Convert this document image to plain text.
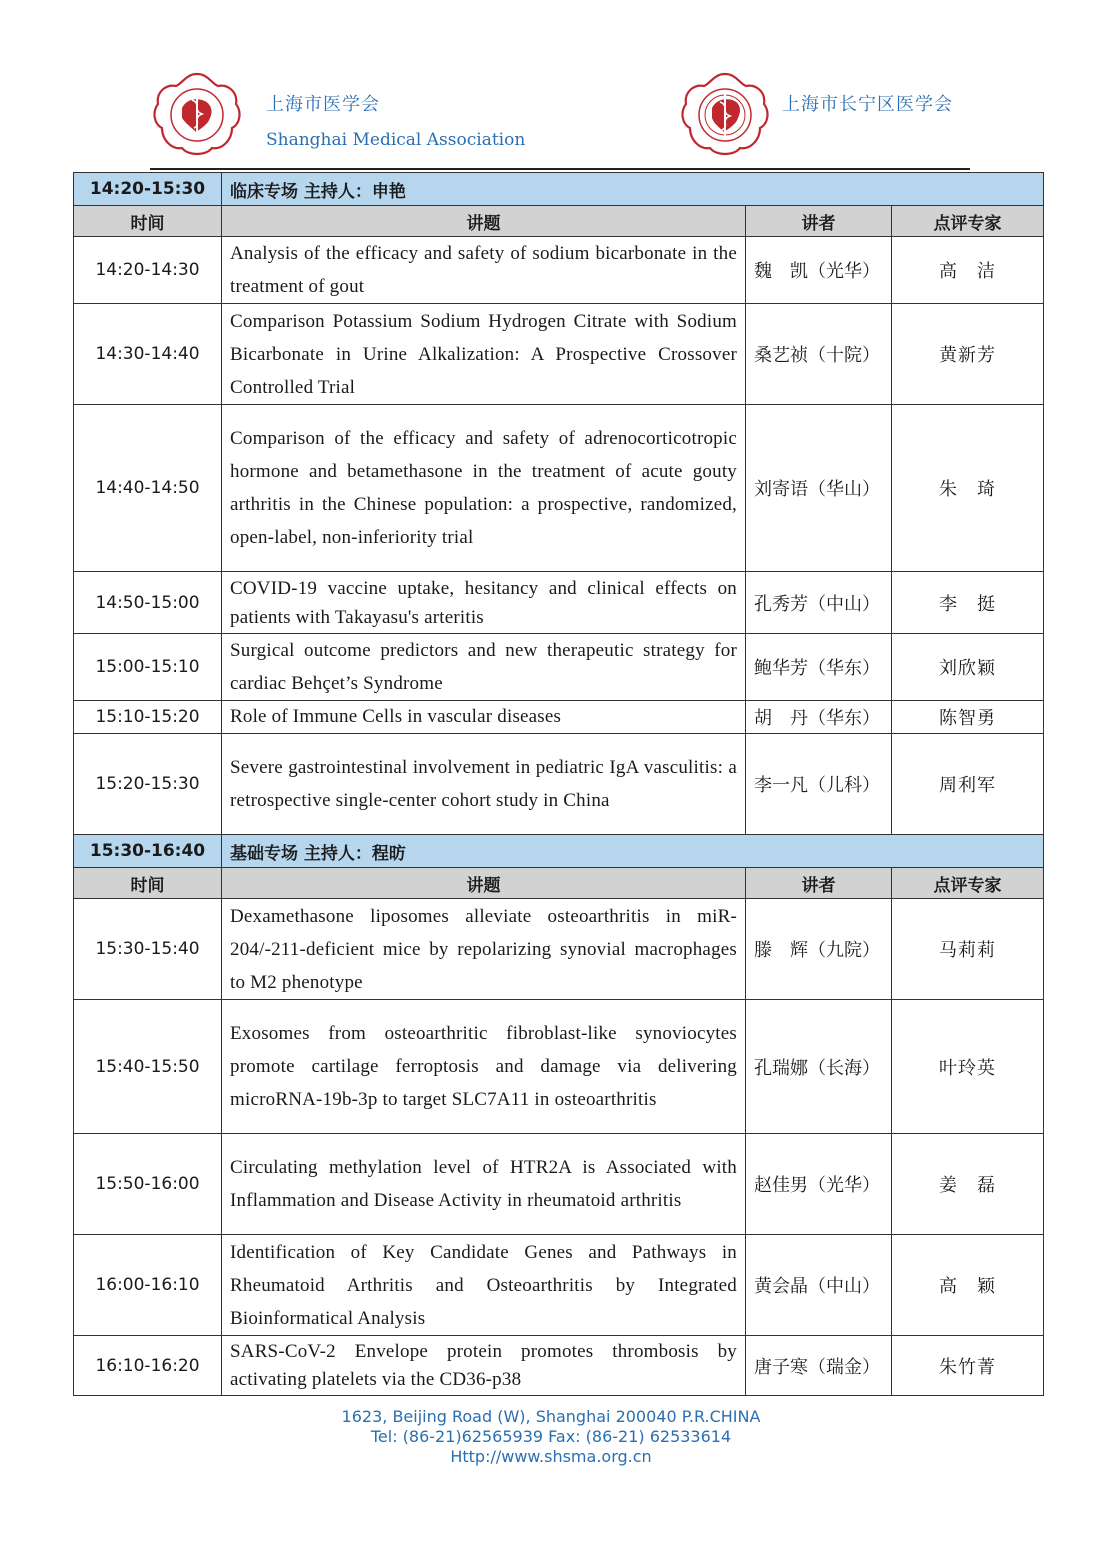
上海市医学会
Shanghai Medical Association
上海市长宁区医学会
14:20-15:30	临床专场 主持人：申艳		
时间	讲题	讲者	点评专家
14:20-14:30	Analysis of the efficacy and safety of sodium bicarbonate in the treatment of gout	魏　凯（光华）	高　洁
14:30-14:40	Comparison Potassium Sodium Hydrogen Citrate with Sodium Bicarbonate in Urine Alkalization: A Prospective Crossover Controlled Trial	桑艺祯（十院）	黄新芳
14:40-14:50	Comparison of the efficacy and safety of adrenocorticotropic hormone and betamethasone in the treatment of acute gouty arthritis in the Chinese population: a prospective, randomized, open-label, non-inferiority trial	刘寄语（华山）	朱　琦
14:50-15:00	COVID-19 vaccine uptake, hesitancy and clinical effects on patients with Takayasu's arteritis	孔秀芳（中山）	李　挺
15:00-15:10	Surgical outcome predictors and new therapeutic strategy for cardiac Behçet’s Syndrome	鲍华芳（华东）	刘欣颖
15:10-15:20	Role of Immune Cells in vascular diseases	胡　丹（华东）	陈智勇
15:20-15:30	Severe gastrointestinal involvement in pediatric IgA vasculitis: a retrospective single-center cohort study in China	李一凡（儿科）	周利军
15:30-16:40	基础专场 主持人：程昉		
时间	讲题	讲者	点评专家
15:30-15:40	Dexamethasone liposomes alleviate osteoarthritis in miR-204/-211-deficient mice by repolarizing synovial macrophages to M2 phenotype	滕　辉（九院）	马莉莉
15:40-15:50	Exosomes from osteoarthritic fibroblast-like synoviocytes promote cartilage ferroptosis and damage via delivering microRNA-19b-3p to target SLC7A11 in osteoarthritis	孔瑞娜（长海）	叶玲英
15:50-16:00	Circulating methylation level of HTR2A is Associated with Inflammation and Disease Activity in rheumatoid arthritis	赵佳男（光华）	姜　磊
16:00-16:10	Identification of Key Candidate Genes and Pathways in Rheumatoid Arthritis and Osteoarthritis by Integrated Bioinformatical Analysis	黄会晶（中山）	高　颖
16:10-16:20	SARS-CoV-2 Envelope protein promotes thrombosis by activating platelets via the CD36-p38	唐子寒（瑞金）	朱竹菁
1623, Beijing Road (W), Shanghai 200040 P.R.CHINA
Tel: (86-21)62565939 Fax: (86-21) 62533614
Http://www.shsma.org.cn
